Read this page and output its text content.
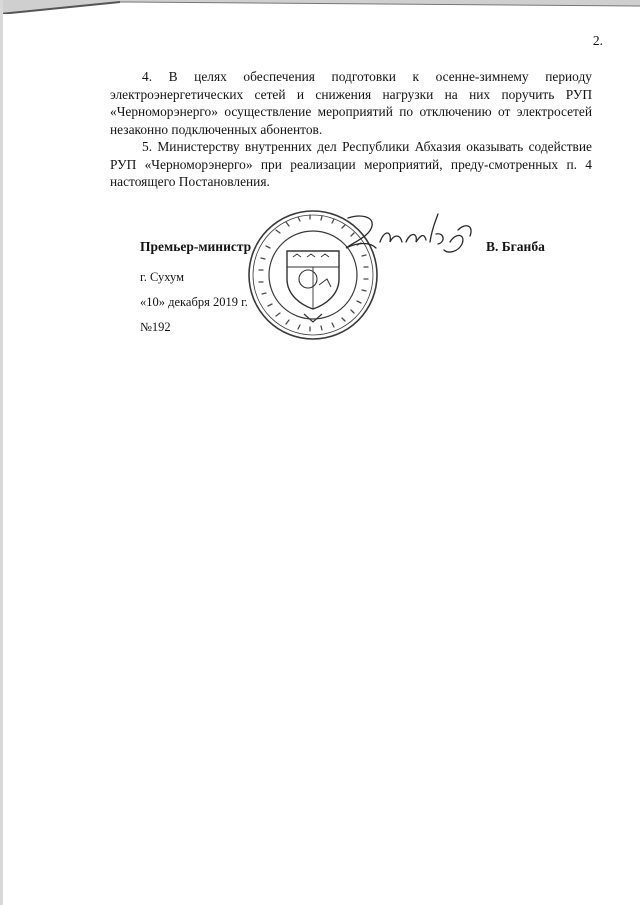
2.

4. В целях обеспечения подготовки к осенне-зимнему периоду электроэнергетических сетей и снижения нагрузки на них поручить РУП «Черноморэнерго» осуществление мероприятий по отключению от электросетей незаконно подключенных абонентов.

5. Министерству внутренних дел Республики Абхазия оказывать содействие РУП «Черноморэнерго» при реализации мероприятий, преду-смотренных п. 4 настоящего Постановления.

Премьер-министр	В. Бганба
г. Сухум
«10» декабря 2019 г.
№192
